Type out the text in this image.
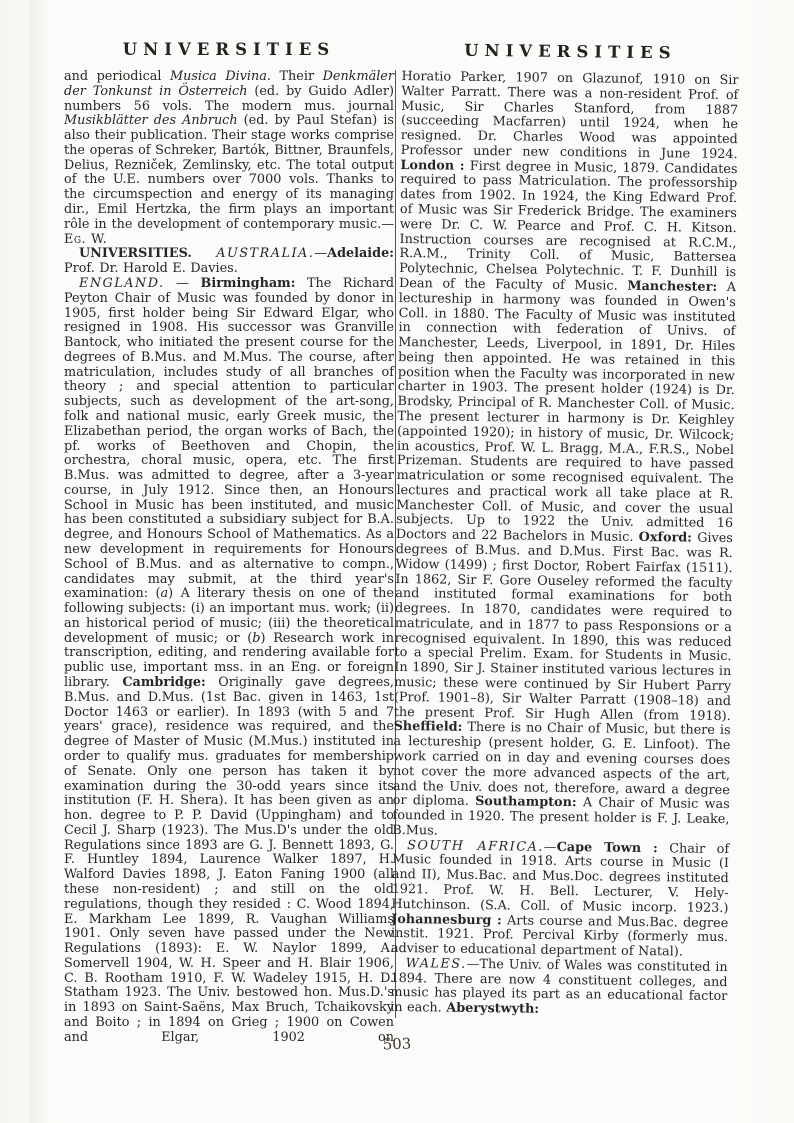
UNIVERSITIES

and periodical Musica Divina. Their Denkmäler der Tonkunst in Österreich (ed. by Guido Adler) numbers 56 vols. The modern mus. journal Musikblätter des Anbruch (ed. by Paul Stefan) is also their publication. Their stage works comprise the operas of Schreker, Bartók, Bittner, Braunfels, Delius, Rezniček, Zemlinsky, etc. The total output of the U.E. numbers over 7000 vols. Thanks to the circumspection and energy of its managing dir., Emil Hertzka, the firm plays an important rôle in the development of contemporary music.—Eg. W.

UNIVERSITIES. AUSTRALIA.—Adelaide: Prof. Dr. Harold E. Davies.

ENGLAND. — Birmingham: The Richard Peyton Chair of Music was founded by donor in 1905, first holder being Sir Edward Elgar, who resigned in 1908. His successor was Granville Bantock, who initiated the present course for the degrees of B.Mus. and M.Mus. The course, after matriculation, includes study of all branches of theory ; and special attention to particular subjects, such as development of the art-song, folk and national music, early Greek music, the Elizabethan period, the organ works of Bach, the pf. works of Beethoven and Chopin, the orchestra, choral music, opera, etc. The first B.Mus. was admitted to degree, after a 3-year course, in July 1912. Since then, an Honours School in Music has been instituted, and music has been constituted a subsidiary subject for B.A. degree, and Honours School of Mathematics. As a new development in requirements for Honours School of B.Mus. and as alternative to compn., candidates may submit, at the third year's examination: (a) A literary thesis on one of the following subjects: (i) an important mus. work; (ii) an historical period of music; (iii) the theoretical development of music; or (b) Research work in transcription, editing, and rendering available for public use, important mss. in an Eng. or foreign library. Cambridge: Originally gave degrees, B.Mus. and D.Mus. (1st Bac. given in 1463, 1st Doctor 1463 or earlier). In 1893 (with 5 and 7 years' grace), residence was required, and the degree of Master of Music (M.Mus.) instituted in order to qualify mus. graduates for membership of Senate. Only one person has taken it by examination during the 30-odd years since its institution (F. H. Shera). It has been given as an hon. degree to P. P. David (Uppingham) and to Cecil J. Sharp (1923). The Mus.D's under the old Regulations since 1893 are G. J. Bennett 1893, G. F. Huntley 1894, Laurence Walker 1897, H. Walford Davies 1898, J. Eaton Faning 1900 (all these non-resident) ; and still on the old regulations, though they resided : C. Wood 1894, E. Markham Lee 1899, R. Vaughan Williams 1901. Only seven have passed under the New Regulations (1893): E. W. Naylor 1899, A. Somervell 1904, W. H. Speer and H. Blair 1906, C. B. Rootham 1910, F. W. Wadeley 1915, H. D. Statham 1923. The Univ. bestowed hon. Mus.D.'s in 1893 on Saint-Saëns, Max Bruch, Tchaikovsky and Boito ; in 1894 on Grieg ; 1900 on Cowen and Elgar, 1902 on

UNIVERSITIES

Horatio Parker, 1907 on Glazunof, 1910 on Sir Walter Parratt. There was a non-resident Prof. of Music, Sir Charles Stanford, from 1887 (succeeding Macfarren) until 1924, when he resigned. Dr. Charles Wood was appointed Professor under new conditions in June 1924. London : First degree in Music, 1879. Candidates required to pass Matriculation. The professorship dates from 1902. In 1924, the King Edward Prof. of Music was Sir Frederick Bridge. The examiners were Dr. C. W. Pearce and Prof. C. H. Kitson. Instruction courses are recognised at R.C.M., R.A.M., Trinity Coll. of Music, Battersea Polytechnic, Chelsea Polytechnic. T. F. Dunhill is Dean of the Faculty of Music. Manchester: A lectureship in harmony was founded in Owen's Coll. in 1880. The Faculty of Music was instituted in connection with federation of Univs. of Manchester, Leeds, Liverpool, in 1891, Dr. Hiles being then appointed. He was retained in this position when the Faculty was incorporated in new charter in 1903. The present holder (1924) is Dr. Brodsky, Principal of R. Manchester Coll. of Music. The present lecturer in harmony is Dr. Keighley (appointed 1920); in history of music, Dr. Wilcock; in acoustics, Prof. W. L. Bragg, M.A., F.R.S., Nobel Prizeman. Students are required to have passed matriculation or some recognised equivalent. The lectures and practical work all take place at R. Manchester Coll. of Music, and cover the usual subjects. Up to 1922 the Univ. admitted 16 Doctors and 22 Bachelors in Music. Oxford: Gives degrees of B.Mus. and D.Mus. First Bac. was R. Widow (1499) ; first Doctor, Robert Fairfax (1511). In 1862, Sir F. Gore Ouseley reformed the faculty and instituted formal examinations for both degrees. In 1870, candidates were required to matriculate, and in 1877 to pass Responsions or a recognised equivalent. In 1890, this was reduced to a special Prelim. Exam. for Students in Music. In 1890, Sir J. Stainer instituted various lectures in music; these were continued by Sir Hubert Parry (Prof. 1901–8), Sir Walter Parratt (1908–18) and the present Prof. Sir Hugh Allen (from 1918). Sheffield: There is no Chair of Music, but there is a lectureship (present holder, G. E. Linfoot). The work carried on in day and evening courses does not cover the more advanced aspects of the art, and the Univ. does not, therefore, award a degree or diploma. Southampton: A Chair of Music was founded in 1920. The present holder is F. J. Leake, B.Mus.

SOUTH AFRICA.—Cape Town : Chair of Music founded in 1918. Arts course in Music (I and II), Mus.Bac. and Mus.Doc. degrees instituted 1921. Prof. W. H. Bell. Lecturer, V. Hely-Hutchinson. (S.A. Coll. of Music incorp. 1923.) Johannesburg : Arts course and Mus.Bac. degree instit. 1921. Prof. Percival Kirby (formerly mus. adviser to educational department of Natal).

WALES.—The Univ. of Wales was constituted in 1894. There are now 4 constituent colleges, and music has played its part as an educational factor in each. Aberystwyth:

503
